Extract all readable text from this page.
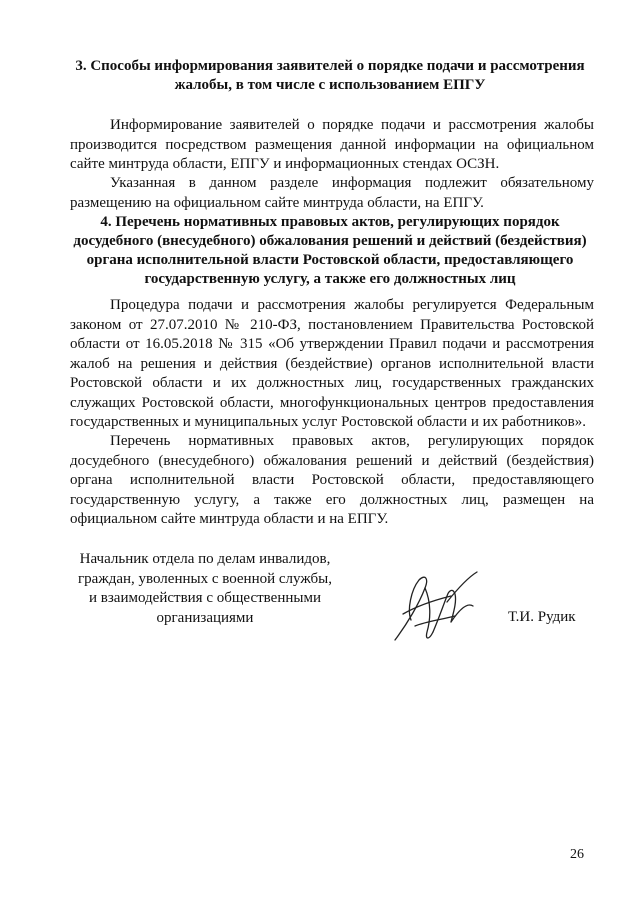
3. Способы информирования заявителей о порядке подачи и рассмотрения жалобы, в том числе с использованием ЕПГУ

Информирование заявителей о порядке подачи и рассмотрения жалобы производится посредством размещения данной информации на официальном сайте минтруда области, ЕПГУ и информационных стендах ОСЗН.

Указанная в данном разделе информация подлежит обязательному размещению на официальном сайте минтруда области, на ЕПГУ.

4. Перечень нормативных правовых актов, регулирующих порядок досудебного (внесудебного) обжалования решений и действий (бездействия) органа исполнительной власти Ростовской области, предоставляющего государственную услугу, а также его должностных лиц

Процедура подачи и рассмотрения жалобы регулируется Федеральным законом от 27.07.2010 № 210-ФЗ, постановлением Правительства Ростовской области от 16.05.2018 № 315 «Об утверждении Правил подачи и рассмотрения жалоб на решения и действия (бездействие) органов исполнительной власти Ростовской области и их должностных лиц, государственных гражданских служащих Ростовской области, многофункциональных центров предоставления государственных и муниципальных услуг Ростовской области и их работников».

Перечень нормативных правовых актов, регулирующих порядок досудебного (внесудебного) обжалования решений и действий (бездействия) органа исполнительной власти Ростовской области, предоставляющего государственную услугу, а также его должностных лиц, размещен на официальном сайте минтруда области и на ЕПГУ.

Начальник отдела по делам инвалидов,
граждан, уволенных с военной службы,
и взаимодействия с общественными
организациями	Т.И. Рудик
26
